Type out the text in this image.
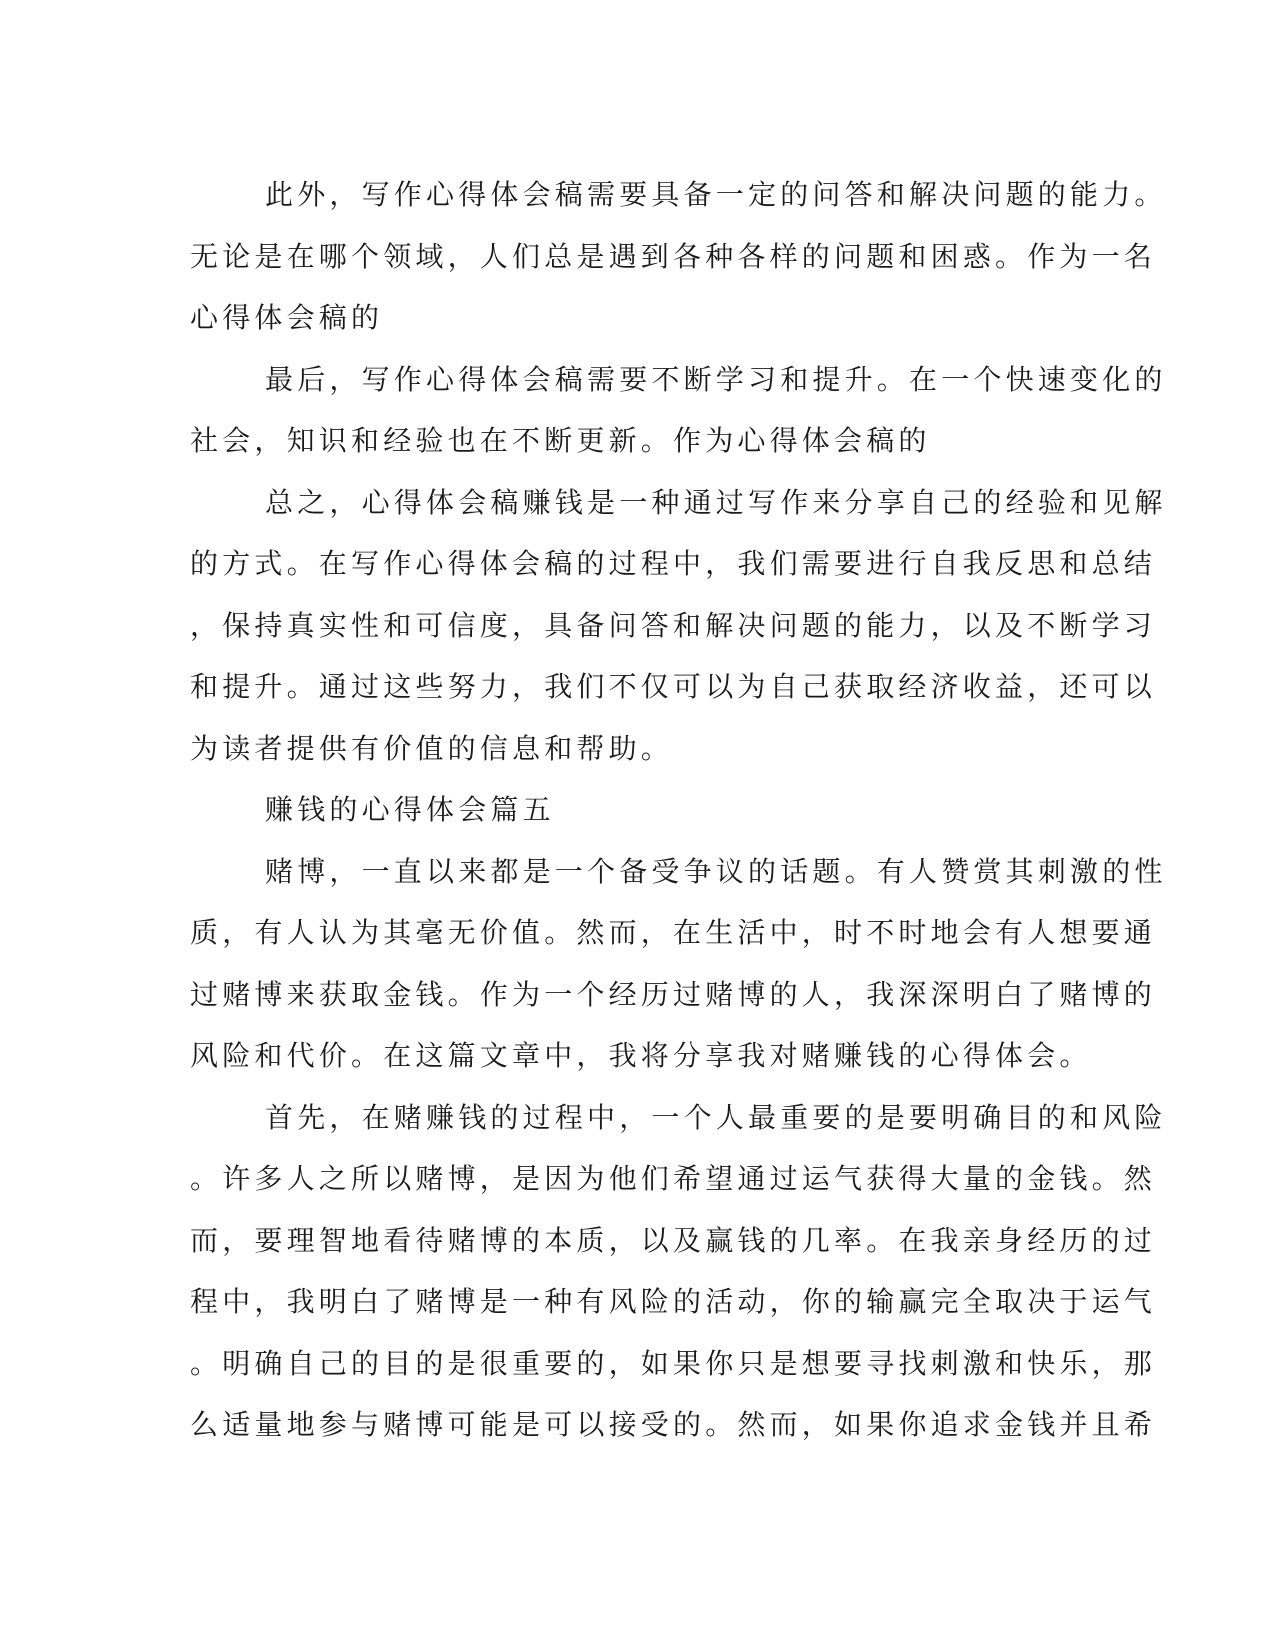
此外，写作心得体会稿需要具备一定的问答和解决问题的能力。
无论是在哪个领域，人们总是遇到各种各样的问题和困惑。作为一名
心得体会稿的
最后，写作心得体会稿需要不断学习和提升。在一个快速变化的
社会，知识和经验也在不断更新。作为心得体会稿的
总之，心得体会稿赚钱是一种通过写作来分享自己的经验和见解
的方式。在写作心得体会稿的过程中，我们需要进行自我反思和总结
，保持真实性和可信度，具备问答和解决问题的能力，以及不断学习
和提升。通过这些努力，我们不仅可以为自己获取经济收益，还可以
为读者提供有价值的信息和帮助。
赚钱的心得体会篇五
赌博，一直以来都是一个备受争议的话题。有人赞赏其刺激的性
质，有人认为其毫无价值。然而，在生活中，时不时地会有人想要通
过赌博来获取金钱。作为一个经历过赌博的人，我深深明白了赌博的
风险和代价。在这篇文章中，我将分享我对赌赚钱的心得体会。
首先，在赌赚钱的过程中，一个人最重要的是要明确目的和风险
。许多人之所以赌博，是因为他们希望通过运气获得大量的金钱。然
而，要理智地看待赌博的本质，以及赢钱的几率。在我亲身经历的过
程中，我明白了赌博是一种有风险的活动，你的输赢完全取决于运气
。明确自己的目的是很重要的，如果你只是想要寻找刺激和快乐，那
么适量地参与赌博可能是可以接受的。然而，如果你追求金钱并且希
